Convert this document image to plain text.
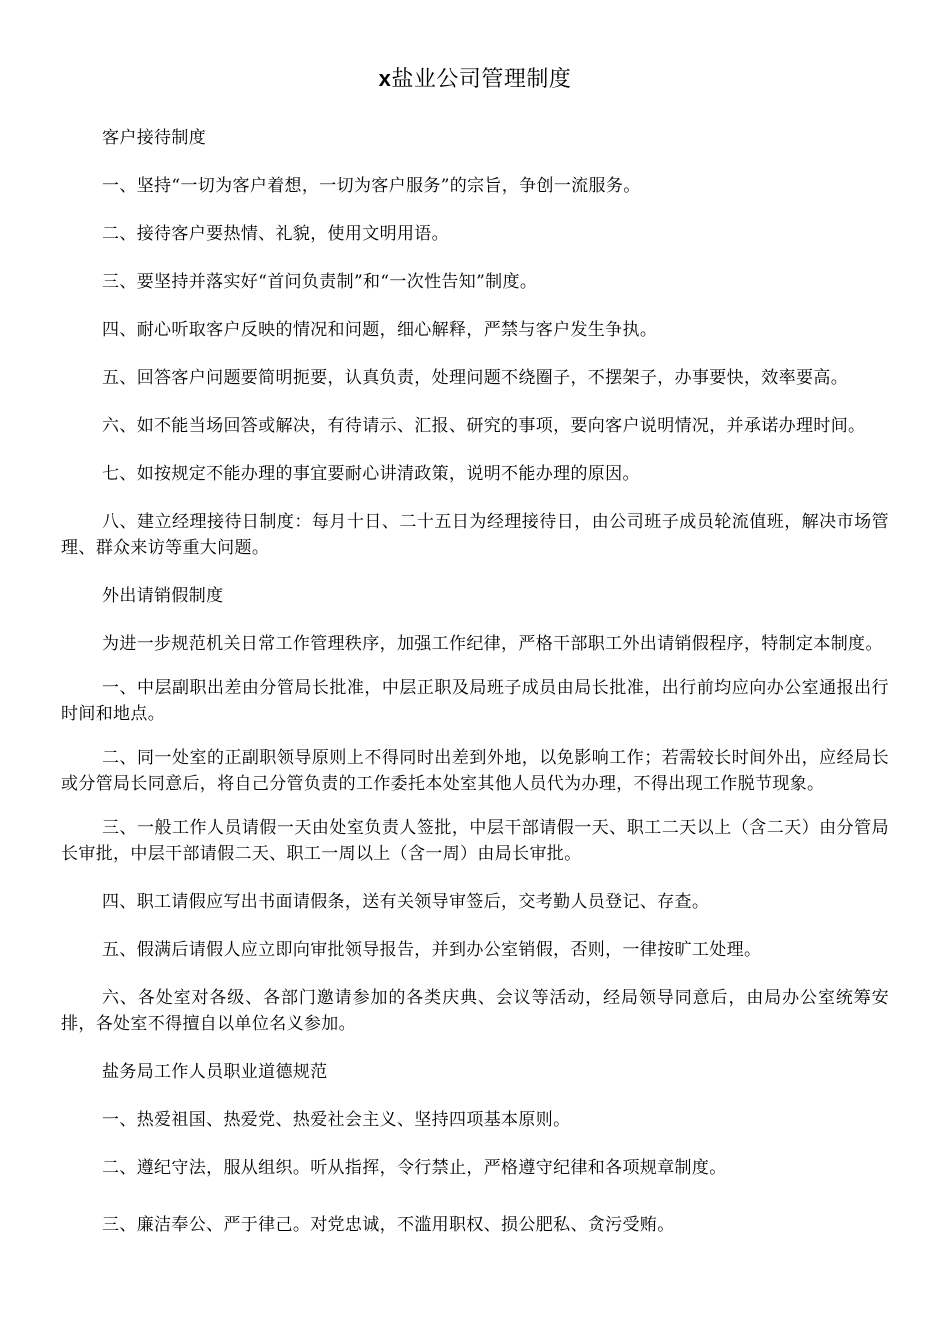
x盐业公司管理制度

客户接待制度

一、坚持“一切为客户着想，一切为客户服务”的宗旨，争创一流服务。

二、接待客户要热情、礼貌，使用文明用语。

三、要坚持并落实好“首问负责制”和“一次性告知”制度。

四、耐心听取客户反映的情况和问题，细心解释，严禁与客户发生争执。

五、回答客户问题要简明扼要，认真负责，处理问题不绕圈子，不摆架子，办事要快，效率要高。

六、如不能当场回答或解决，有待请示、汇报、研究的事项，要向客户说明情况，并承诺办理时间。

七、如按规定不能办理的事宜要耐心讲清政策，说明不能办理的原因。

八、建立经理接待日制度：每月十日、二十五日为经理接待日，由公司班子成员轮流值班，解决市场管理、群众来访等重大问题。

外出请销假制度

为进一步规范机关日常工作管理秩序，加强工作纪律，严格干部职工外出请销假程序，特制定本制度。

一、中层副职出差由分管局长批准，中层正职及局班子成员由局长批准，出行前均应向办公室通报出行时间和地点。

二、同一处室的正副职领导原则上不得同时出差到外地，以免影响工作；若需较长时间外出，应经局长或分管局长同意后，将自己分管负责的工作委托本处室其他人员代为办理，不得出现工作脱节现象。

三、一般工作人员请假一天由处室负责人签批，中层干部请假一天、职工二天以上（含二天）由分管局长审批，中层干部请假二天、职工一周以上（含一周）由局长审批。

四、职工请假应写出书面请假条，送有关领导审签后，交考勤人员登记、存查。

五、假满后请假人应立即向审批领导报告，并到办公室销假，否则，一律按旷工处理。

六、各处室对各级、各部门邀请参加的各类庆典、会议等活动，经局领导同意后，由局办公室统筹安排，各处室不得擅自以单位名义参加。

盐务局工作人员职业道德规范

一、热爱祖国、热爱党、热爱社会主义、坚持四项基本原则。

二、遵纪守法，服从组织。听从指挥，令行禁止，严格遵守纪律和各项规章制度。

三、廉洁奉公、严于律己。对党忠诚，不滥用职权、损公肥私、贪污受贿。
